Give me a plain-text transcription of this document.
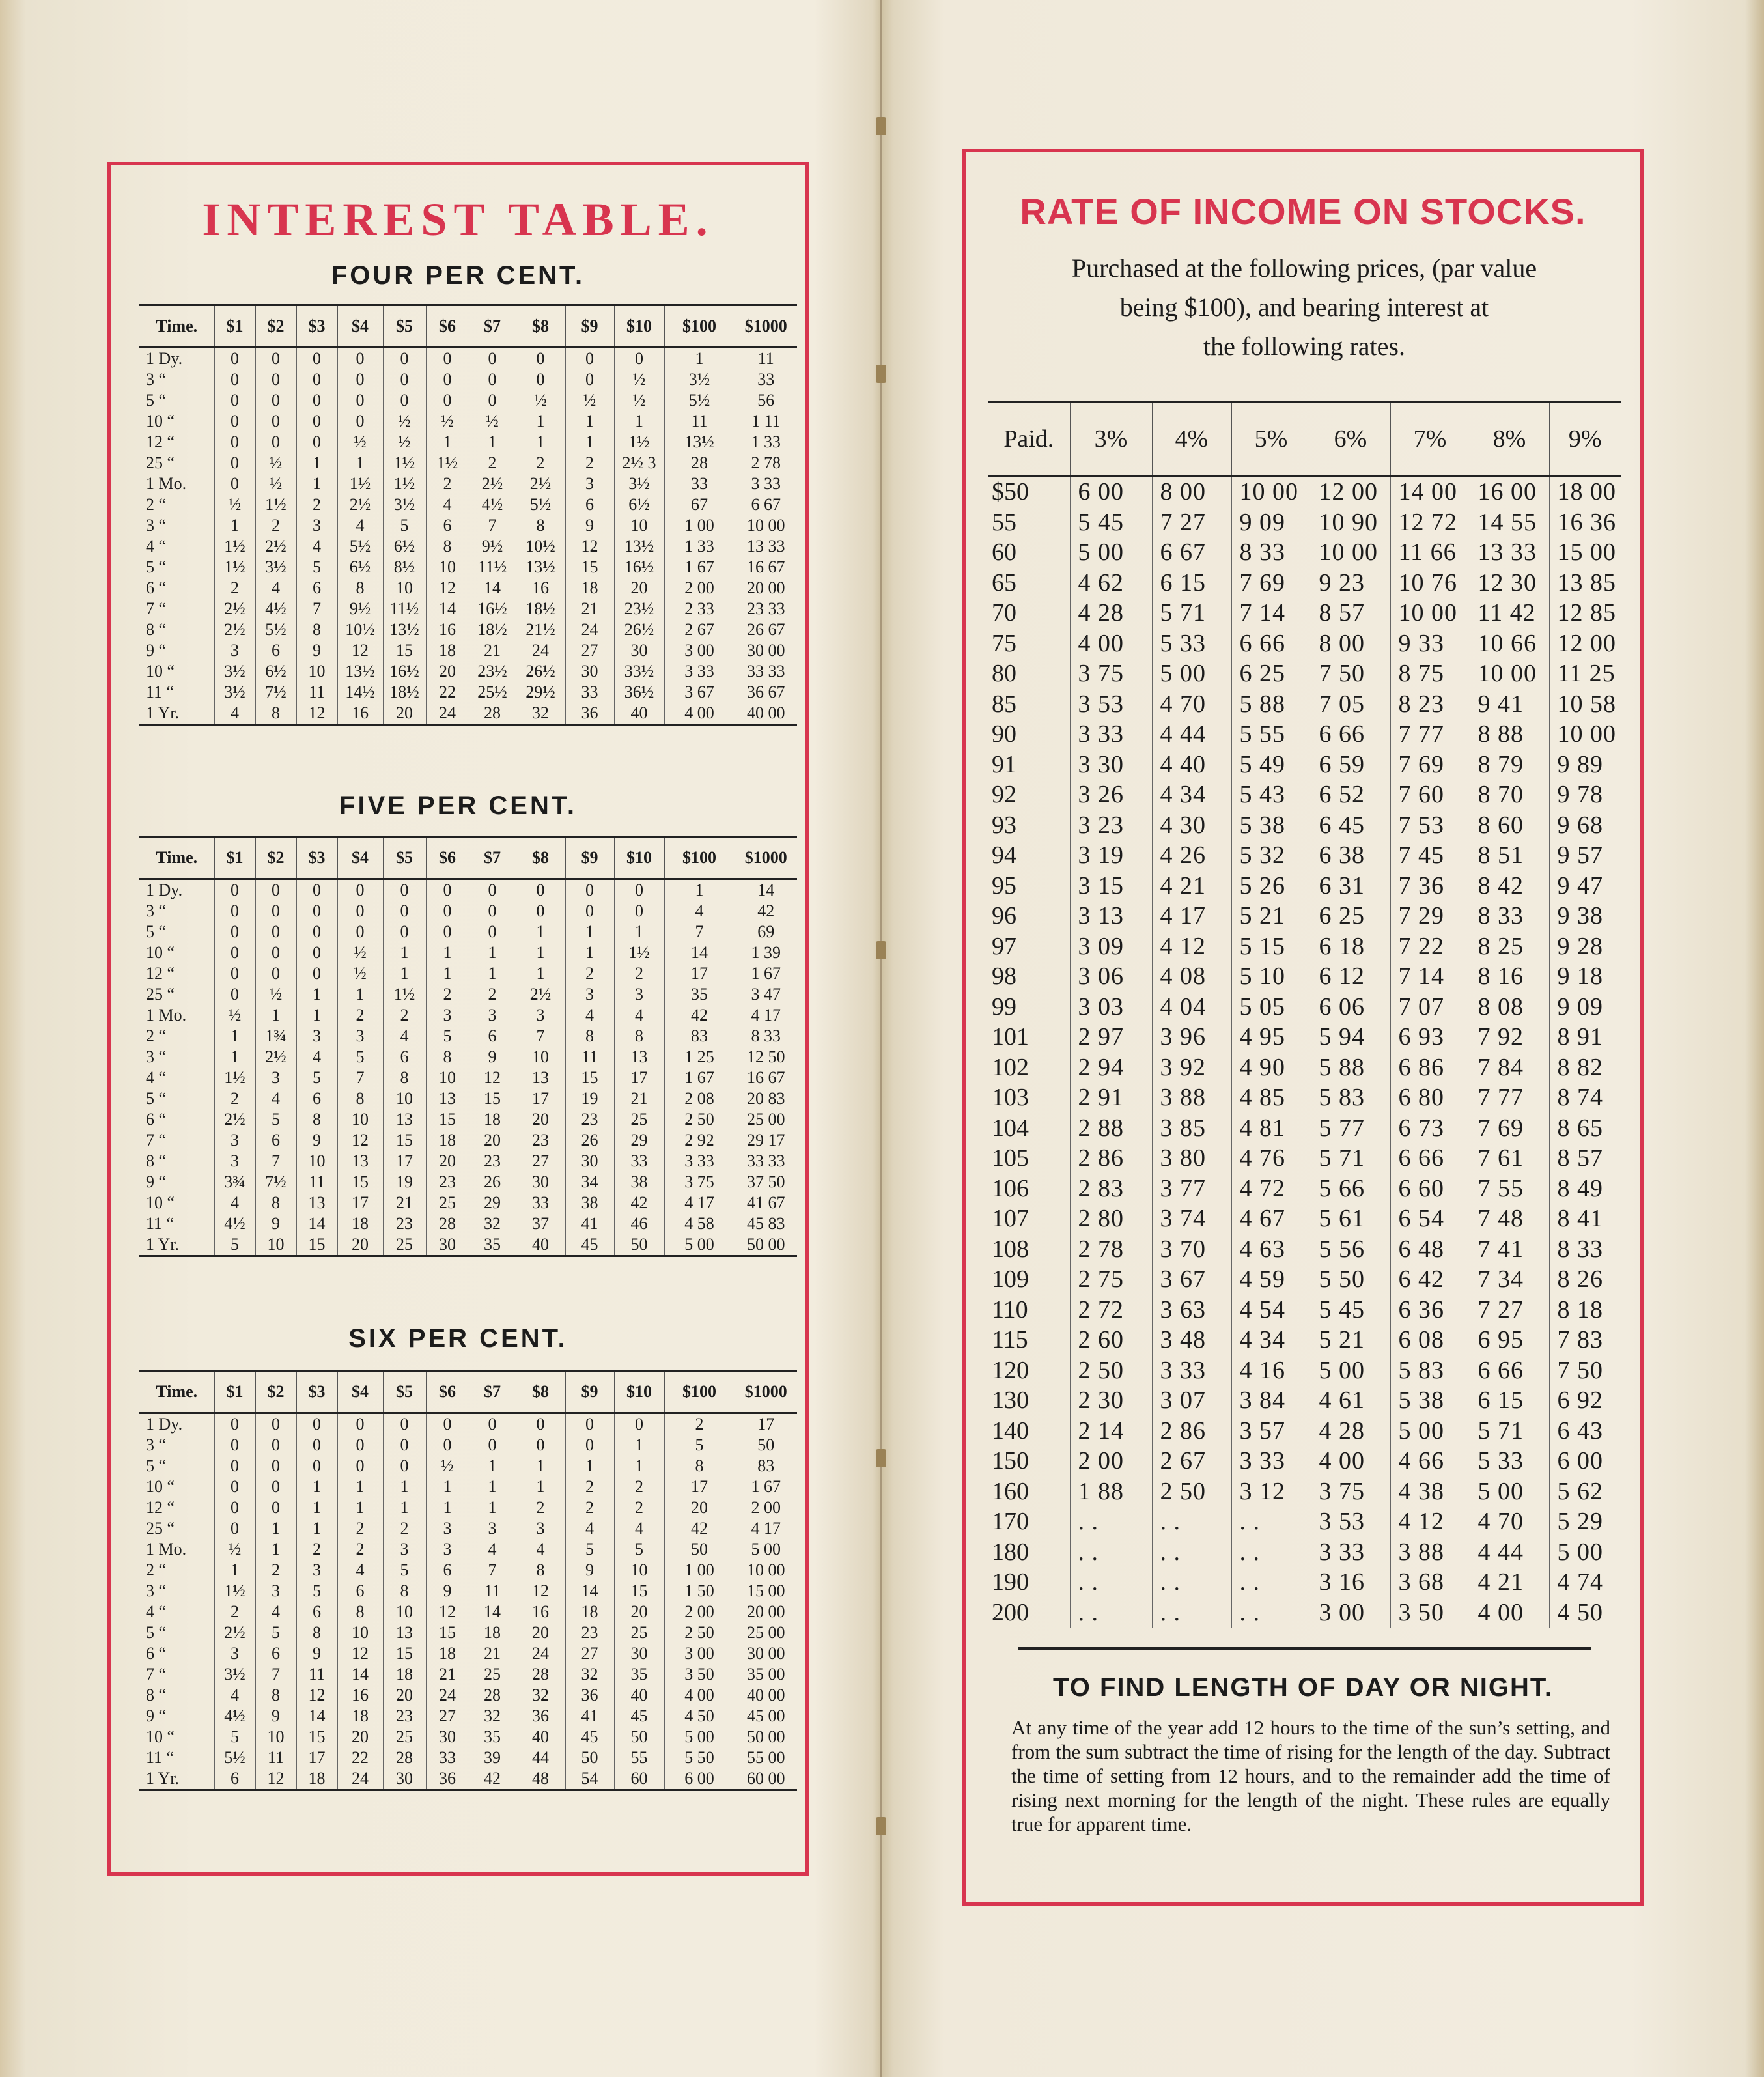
INTEREST TABLE.
FOUR PER CENT.
Time.	$1	$2	$3	$4	$5	$6	$7	$8	$9	$10	$100	$1000
1 Dy.	0	0	0	0	0	0	0	0	0	0	1	11
3 “	0	0	0	0	0	0	0	0	0	½	3½	33
5 “	0	0	0	0	0	0	0	½	½	½	5½	56
10 “	0	0	0	0	½	½	½	1	1	1	11	1 11
12 “	0	0	0	½	½	1	1	1	1	1½	13½	1 33
25 “	0	½	1	1	1½	1½	2	2	2	2½ 3	28	2 78
1 Mo.	0	½	1	1½	1½	2	2½	2½	3	3½	33	3 33
2 “	½	1½	2	2½	3½	4	4½	5½	6	6½	67	6 67
3 “	1	2	3	4	5	6	7	8	9	10	1 00	10 00
4 “	1½	2½	4	5½	6½	8	9½	10½	12	13½	1 33	13 33
5 “	1½	3½	5	6½	8½	10	11½	13½	15	16½	1 67	16 67
6 “	2	4	6	8	10	12	14	16	18	20	2 00	20 00
7 “	2½	4½	7	9½	11½	14	16½	18½	21	23½	2 33	23 33
8 “	2½	5½	8	10½	13½	16	18½	21½	24	26½	2 67	26 67
9 “	3	6	9	12	15	18	21	24	27	30	3 00	30 00
10 “	3½	6½	10	13½	16½	20	23½	26½	30	33½	3 33	33 33
11 “	3½	7½	11	14½	18½	22	25½	29½	33	36½	3 67	36 67
1 Yr.	4	8	12	16	20	24	28	32	36	40	4 00	40 00
FIVE PER CENT.
Time.	$1	$2	$3	$4	$5	$6	$7	$8	$9	$10	$100	$1000
1 Dy.	0	0	0	0	0	0	0	0	0	0	1	14
3 “	0	0	0	0	0	0	0	0	0	0	4	42
5 “	0	0	0	0	0	0	0	1	1	1	7	69
10 “	0	0	0	½	1	1	1	1	1	1½	14	1 39
12 “	0	0	0	½	1	1	1	1	2	2	17	1 67
25 “	0	½	1	1	1½	2	2	2½	3	3	35	3 47
1 Mo.	½	1	1	2	2	3	3	3	4	4	42	4 17
2 “	1	1¾	3	3	4	5	6	7	8	8	83	8 33
3 “	1	2½	4	5	6	8	9	10	11	13	1 25	12 50
4 “	1½	3	5	7	8	10	12	13	15	17	1 67	16 67
5 “	2	4	6	8	10	13	15	17	19	21	2 08	20 83
6 “	2½	5	8	10	13	15	18	20	23	25	2 50	25 00
7 “	3	6	9	12	15	18	20	23	26	29	2 92	29 17
8 “	3	7	10	13	17	20	23	27	30	33	3 33	33 33
9 “	3¾	7½	11	15	19	23	26	30	34	38	3 75	37 50
10 “	4	8	13	17	21	25	29	33	38	42	4 17	41 67
11 “	4½	9	14	18	23	28	32	37	41	46	4 58	45 83
1 Yr.	5	10	15	20	25	30	35	40	45	50	5 00	50 00
SIX PER CENT.
Time.	$1	$2	$3	$4	$5	$6	$7	$8	$9	$10	$100	$1000
1 Dy.	0	0	0	0	0	0	0	0	0	0	2	17
3 “	0	0	0	0	0	0	0	0	0	1	5	50
5 “	0	0	0	0	0	½	1	1	1	1	8	83
10 “	0	0	1	1	1	1	1	1	2	2	17	1 67
12 “	0	0	1	1	1	1	1	2	2	2	20	2 00
25 “	0	1	1	2	2	3	3	3	4	4	42	4 17
1 Mo.	½	1	2	2	3	3	4	4	5	5	50	5 00
2 “	1	2	3	4	5	6	7	8	9	10	1 00	10 00
3 “	1½	3	5	6	8	9	11	12	14	15	1 50	15 00
4 “	2	4	6	8	10	12	14	16	18	20	2 00	20 00
5 “	2½	5	8	10	13	15	18	20	23	25	2 50	25 00
6 “	3	6	9	12	15	18	21	24	27	30	3 00	30 00
7 “	3½	7	11	14	18	21	25	28	32	35	3 50	35 00
8 “	4	8	12	16	20	24	28	32	36	40	4 00	40 00
9 “	4½	9	14	18	23	27	32	36	41	45	4 50	45 00
10 “	5	10	15	20	25	30	35	40	45	50	5 00	50 00
11 “	5½	11	17	22	28	33	39	44	50	55	5 50	55 00
1 Yr.	6	12	18	24	30	36	42	48	54	60	6 00	60 00
RATE OF INCOME ON STOCKS.
Purchased at the following prices, (par value
being $100), and bearing interest at
the following rates.
Paid.	3%	4%	5%	6%	7%	8%	9%
$50	6 00	8 00	10 00	12 00	14 00	16 00	18 00
55	5 45	7 27	9 09	10 90	12 72	14 55	16 36
60	5 00	6 67	8 33	10 00	11 66	13 33	15 00
65	4 62	6 15	7 69	9 23	10 76	12 30	13 85
70	4 28	5 71	7 14	8 57	10 00	11 42	12 85
75	4 00	5 33	6 66	8 00	9 33	10 66	12 00
80	3 75	5 00	6 25	7 50	8 75	10 00	11 25
85	3 53	4 70	5 88	7 05	8 23	9 41	10 58
90	3 33	4 44	5 55	6 66	7 77	8 88	10 00
91	3 30	4 40	5 49	6 59	7 69	8 79	9 89
92	3 26	4 34	5 43	6 52	7 60	8 70	9 78
93	3 23	4 30	5 38	6 45	7 53	8 60	9 68
94	3 19	4 26	5 32	6 38	7 45	8 51	9 57
95	3 15	4 21	5 26	6 31	7 36	8 42	9 47
96	3 13	4 17	5 21	6 25	7 29	8 33	9 38
97	3 09	4 12	5 15	6 18	7 22	8 25	9 28
98	3 06	4 08	5 10	6 12	7 14	8 16	9 18
99	3 03	4 04	5 05	6 06	7 07	8 08	9 09
101	2 97	3 96	4 95	5 94	6 93	7 92	8 91
102	2 94	3 92	4 90	5 88	6 86	7 84	8 82
103	2 91	3 88	4 85	5 83	6 80	7 77	8 74
104	2 88	3 85	4 81	5 77	6 73	7 69	8 65
105	2 86	3 80	4 76	5 71	6 66	7 61	8 57
106	2 83	3 77	4 72	5 66	6 60	7 55	8 49
107	2 80	3 74	4 67	5 61	6 54	7 48	8 41
108	2 78	3 70	4 63	5 56	6 48	7 41	8 33
109	2 75	3 67	4 59	5 50	6 42	7 34	8 26
110	2 72	3 63	4 54	5 45	6 36	7 27	8 18
115	2 60	3 48	4 34	5 21	6 08	6 95	7 83
120	2 50	3 33	4 16	5 00	5 83	6 66	7 50
130	2 30	3 07	3 84	4 61	5 38	6 15	6 92
140	2 14	2 86	3 57	4 28	5 00	5 71	6 43
150	2 00	2 67	3 33	4 00	4 66	5 33	6 00
160	1 88	2 50	3 12	3 75	4 38	5 00	5 62
170	. .	. .	. .	3 53	4 12	4 70	5 29
180	. .	. .	. .	3 33	3 88	4 44	5 00
190	. .	. .	. .	3 16	3 68	4 21	4 74
200	. .	. .	. .	3 00	3 50	4 00	4 50
TO FIND LENGTH OF DAY OR NIGHT.
At any time of the year add 12 hours to the time of the sun’s setting, and from the sum subtract the time of rising for the length of the day. Subtract the time of setting from 12 hours, and to the remainder add the time of rising next morning for the length of the night. These rules are equally true for apparent time.
